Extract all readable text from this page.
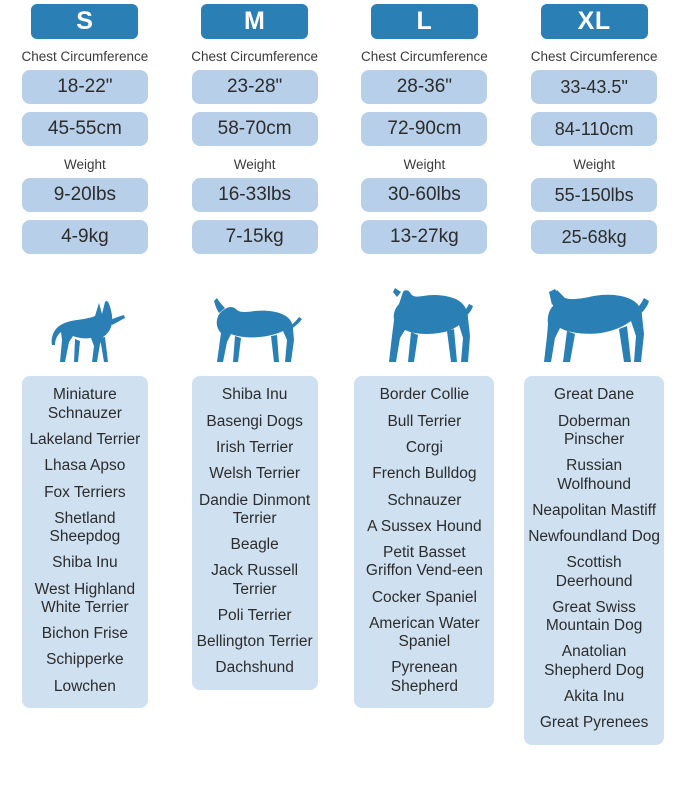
S
Chest Circumference
18-22"
45-55cm
Weight
9-20lbs
4-9kg
Miniature Schnauzer
Lakeland Terrier
Lhasa Apso
Fox Terriers
Shetland Sheepdog
Shiba Inu
West Highland White Terrier
Bichon Frise
Schipperke
Lowchen
M
Chest Circumference
23-28"
58-70cm
Weight
16-33lbs
7-15kg
Shiba Inu
Basengi Dogs
Irish Terrier
Welsh Terrier
Dandie Dinmont Terrier
Beagle
Jack Russell Terrier
Poli Terrier
Bellington Terrier
Dachshund
L
Chest Circumference
28-36"
72-90cm
Weight
30-60lbs
13-27kg
Border Collie
Bull Terrier
Corgi
French Bulldog
Schnauzer
A Sussex Hound
Petit Basset Griffon Vend-een
Cocker Spaniel
American Water Spaniel
Pyrenean Shepherd
XL
Chest Circumference
33-43.5"
84-110cm
Weight
55-150lbs
25-68kg
Great Dane
Doberman Pinscher
Russian Wolfhound
Neapolitan Mastiff
Newfoundland Dog
Scottish Deerhound
Great Swiss Mountain Dog
Anatolian Shepherd Dog
Akita Inu
Great Pyrenees
